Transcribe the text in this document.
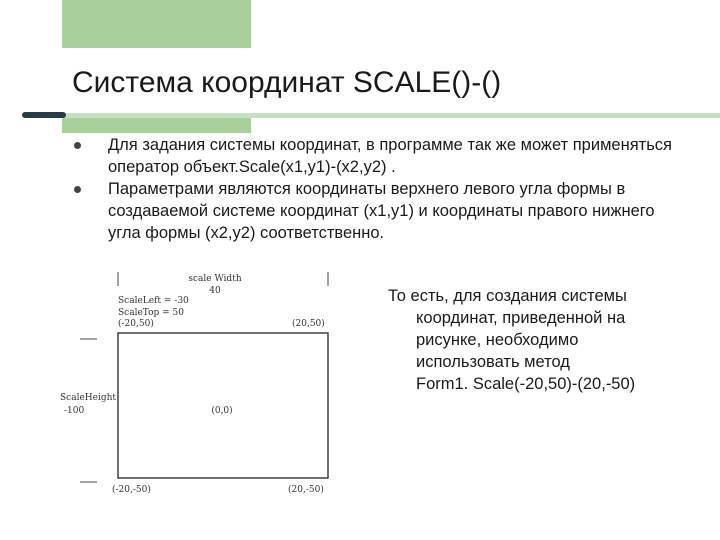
Система координат SCALE()-()
Для задания системы координат, в программе так же может применяться оператор объект.Scale(x1,y1)-(x2,y2) .
Параметрами являются координаты верхнего левого угла формы в создаваемой системе координат (x1,y1) и координаты правого нижнего угла формы (x2,y2) соответственно.
scale Width
40
ScaleLeft = -30
ScaleTop = 50
(-20,50)	(20,50)
ScaleHeight
-100	(0,0)
(-20,-50)	(20,-50)
То есть, для создания системы
координат, приведенной на
рисунке, необходимо
использовать метод
Form1. Scale(-20,50)-(20,-50)
